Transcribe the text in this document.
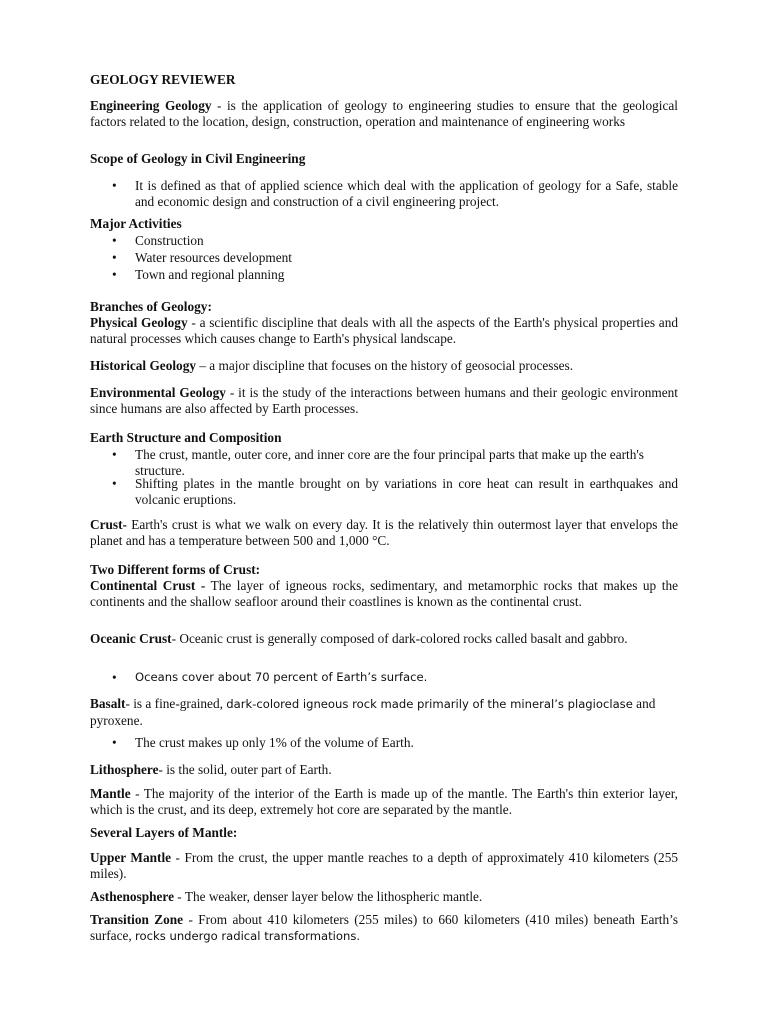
GEOLOGY REVIEWER

Engineering Geology - is the application of geology to engineering studies to ensure that the geological factors related to the location, design, construction, operation and maintenance of engineering works

Scope of Geology in Civil Engineering
• It is defined as that of applied science which deal with the application of geology for a Safe, stable and economic design and construction of a civil engineering project.
Major Activities
• Construction
• Water resources development
• Town and regional planning
Branches of Geology:

Physical Geology - a scientific discipline that deals with all the aspects of the Earth's physical properties and natural processes which causes change to Earth's physical landscape.

Historical Geology – a major discipline that focuses on the history of geosocial processes.

Environmental Geology - it is the study of the interactions between humans and their geologic environment since humans are also affected by Earth processes.

Earth Structure and Composition
• The crust, mantle, outer core, and inner core are the four principal parts that make up the earth's structure.
• Shifting plates in the mantle brought on by variations in core heat can result in earthquakes and volcanic eruptions.

Crust- Earth's crust is what we walk on every day. It is the relatively thin outermost layer that envelops the planet and has a temperature between 500 and 1,000 °C.

Two Different forms of Crust:

Continental Crust - The layer of igneous rocks, sedimentary, and metamorphic rocks that makes up the continents and the shallow seafloor around their coastlines is known as the continental crust.

Oceanic Crust- Oceanic crust is generally composed of dark-colored rocks called basalt and gabbro.

• Oceans cover about 70 percent of Earth’s surface.

Basalt- is a fine-grained, dark-colored igneous rock made primarily of the mineral’s plagioclase and pyroxene.

• The crust makes up only 1% of the volume of Earth.

Lithosphere- is the solid, outer part of Earth.

Mantle - The majority of the interior of the Earth is made up of the mantle. The Earth's thin exterior layer, which is the crust, and its deep, extremely hot core are separated by the mantle.

Several Layers of Mantle:

Upper Mantle - From the crust, the upper mantle reaches to a depth of approximately 410 kilometers (255 miles).

Asthenosphere - The weaker, denser layer below the lithospheric mantle.

Transition Zone - From about 410 kilometers (255 miles) to 660 kilometers (410 miles) beneath Earth’s surface, rocks undergo radical transformations.
